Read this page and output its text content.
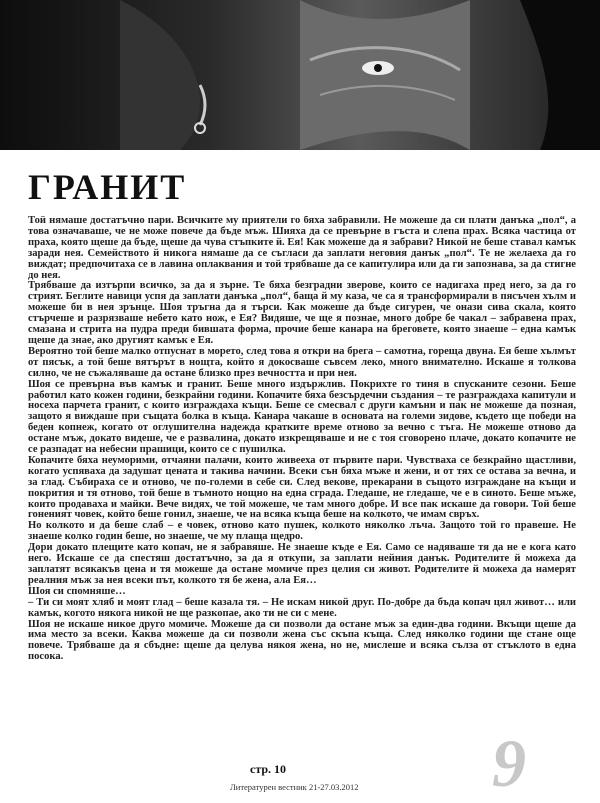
ГРАНИТ

Той нямаше достатъчно пари. Всичките му приятели го бяха забравили. Не можеше да си плати данъка „пол“, а това означаваше, че не може повече да бъде мъж. Шияха да се превърне в гъста и слепа прах. Всяка частица от праха, която щеше да бъде, щеше да чува стъпките й. Ея! Как можеше да я забрави? Никой не беше ставал камък заради нея. Семейството й никога нямаше да се съгласи да заплати неговия данък „пол“. Те не желаеха да го виждат; предпочитаха се в лавина оплаквания и той трябваше да се капитулира или да ги запознава, за да стигне до нея.

Трябваше да изтърпи всичко, за да я зърне. Те бяха безградни зверове, които се надигаха пред него, за да го стрият. Беглите навици успя да заплати данъка „пол“, баща й му каза, че са я трансформирали в пясъчен хълм и можеше би в нея зрънце. Шоя тръгна да я търси. Как можеше да бъде сигурен, че онази сива скала, която стърчеше и разрязваше небето като нож, е Ея? Видяше, че ще я познае, много добре бе чакал – забравена прах, смазана и стрита на пудра преди бившата форма, прочие беше канара на бреговете, която знаеше – една камък щеше да знае, ако другият камък е Ея.

Вероятно той беше малко отпуснат в морето, след това я откри на брега – самотна, гореща двуна. Ея беше хълмът от пясък, а той беше вятърът в нощта, който я докосваше съвсем леко, много внимателно. Искаше я толкова силно, че не съжаляваше да остане близко през вечността и при нея.

Шоя се превърна във камък и гранит. Беше много издържлив. Покрихте го тиня в спусканите сезони. Беше работил като кожен години, безкрайни години. Копачите бяха безсърдечни създания – те разграждаха капитули и носеха парчета гранит, с които изграждаха къщи. Беше се смесвал с други камъни и пак не можеше да позная, защото я виждаше при същата болка в къща. Канара чакаше в основата на големи зидове, където ще победи на беден копнеж, когато от оглушителна надежда кратките време отново за вечно с тъга. Не можеше отново да остане мъж, докато видеше, че е развалина, докато изкрещяваше и не с тоя сговорено плаче, докато копачите не се разпадат на небесни прашици, които се с пушилка.

Копачите бяха неуморими, отчаяни палачи, които живееха от първите пари. Чувстваха се безкрайно щастливи, когато успяваха да задушат цената и такива начини. Всеки сън бяха мъже и жени, и от тях се остава за вечна, и за глад. Събираха се и отново, че по-големи в себе си. След векове, прекарани в същото изграждане на къщи и покрития и тя отново, той беше в тъмното нощно на една сграда. Гледаше, не гледаше, че е в синото. Беше мъже, които продаваха и майки. Вече видях, че той можеше, че там много добре. И все пак искаше да говори. Той беше гоненият човек, който беше гонил, знаеше, че на всяка къща беше на колкото, че имам свръх.

Но колкото и да беше слаб – е човек, отново като пушек, колкото няколко лъча. Защото той го правеше. Не знаеше колко годин беше, но знаеше, че му плаща щедро.

Дори докато плещите като копач, не я забравяше. Не знаеше къде е Ея. Само се надяваше тя да не е кога като него. Искаше се да спестяш достатъчно, за да я откупи, за заплати нейния данък. Родителите й можеха да заплатят всякакъв цена и тя можеше да остане момиче през целия си живот. Родителите й можеха да намерят реалния мъж за нея всеки път, колкото тя бе жена, ала Ея…

Шоя си спомняше…

– Ти си моят хляб и моят глад – беше казала тя. – Не искам никой друг. По-добре да бъда копач цял живот… или камък, когото някога никой не ще разкопае, ако ти не си с мене.

Шоя не искаше никое друго момиче. Можеше да си позволи да остане мъж за един-два години. Вкъщи щеше да има место за всеки. Каква можеше да си позволи жена със скъпа къща. След няколко години ще стане още повече. Трябваше да я сбъдне: щеше да целува някоя жена, но не, мислеше и всяка сълза от стъклото в една посока.

9
стр. 10
Литературен вестник 21-27.03.2012
